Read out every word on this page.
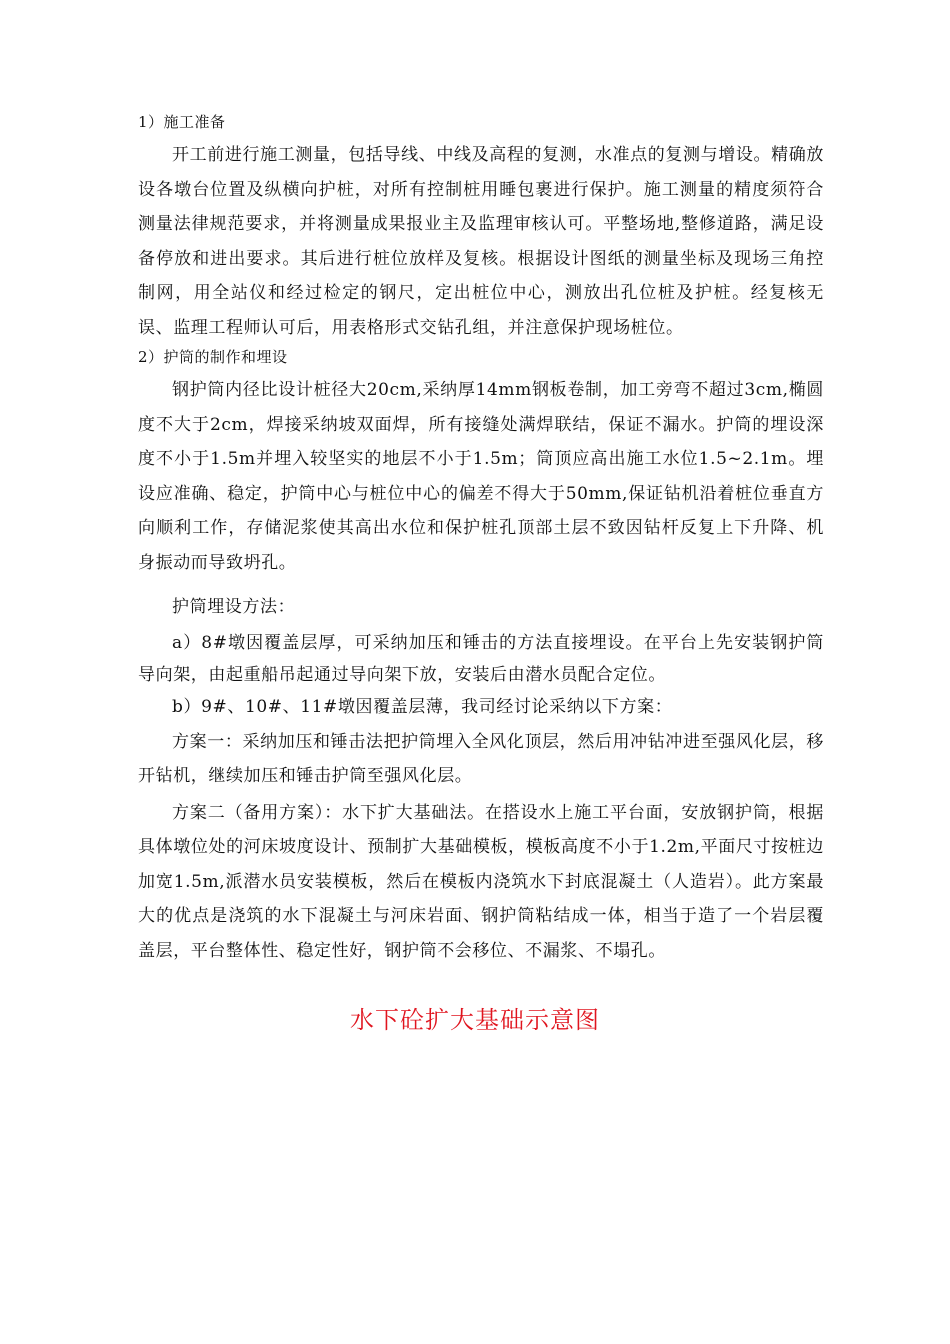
1）施工准备

开工前进行施工测量，包括导线、中线及高程的复测，水准点的复测与增设。精确放设各墩台位置及纵横向护桩，对所有控制桩用睡包裹进行保护。施工测量的精度须符合测量法律规范要求，并将测量成果报业主及监理审核认可。平整场地,整修道路，满足设备停放和进出要求。其后进行桩位放样及复核。根据设计图纸的测量坐标及现场三角控制网，用全站仪和经过检定的钢尺，定出桩位中心，测放出孔位桩及护桩。经复核无误、监理工程师认可后，用表格形式交钻孔组，并注意保护现场桩位。

2）护筒的制作和埋设

钢护筒内径比设计桩径大20cm,采纳厚14mm钢板卷制，加工旁弯不超过3cm,椭圆度不大于2cm，焊接采纳坡双面焊，所有接缝处满焊联结，保证不漏水。护筒的埋设深度不小于1.5m并埋入较坚实的地层不小于1.5m；筒顶应高出施工水位1.5~2.1m。埋设应准确、稳定，护筒中心与桩位中心的偏差不得大于50mm,保证钻机沿着桩位垂直方向顺利工作，存储泥浆使其高出水位和保护桩孔顶部土层不致因钻杆反复上下升降、机身振动而导致坍孔。

护筒埋设方法：

a）8#墩因覆盖层厚，可采纳加压和锤击的方法直接埋设。在平台上先安装钢护筒导向架，由起重船吊起通过导向架下放，安装后由潜水员配合定位。

b）9#、10#、11#墩因覆盖层薄，我司经讨论采纳以下方案：

方案一：采纳加压和锤击法把护筒埋入全风化顶层，然后用冲钻冲进至强风化层，移开钻机，继续加压和锤击护筒至强风化层。

方案二（备用方案）：水下扩大基础法。在搭设水上施工平台面，安放钢护筒，根据具体墩位处的河床坡度设计、预制扩大基础模板，模板高度不小于1.2m,平面尺寸按桩边加宽1.5m,派潜水员安装模板，然后在模板内浇筑水下封底混凝土（人造岩）。此方案最大的优点是浇筑的水下混凝土与河床岩面、钢护筒粘结成一体，相当于造了一个岩层覆盖层，平台整体性、稳定性好，钢护筒不会移位、不漏浆、不塌孔。

水下砼扩大基础示意图
